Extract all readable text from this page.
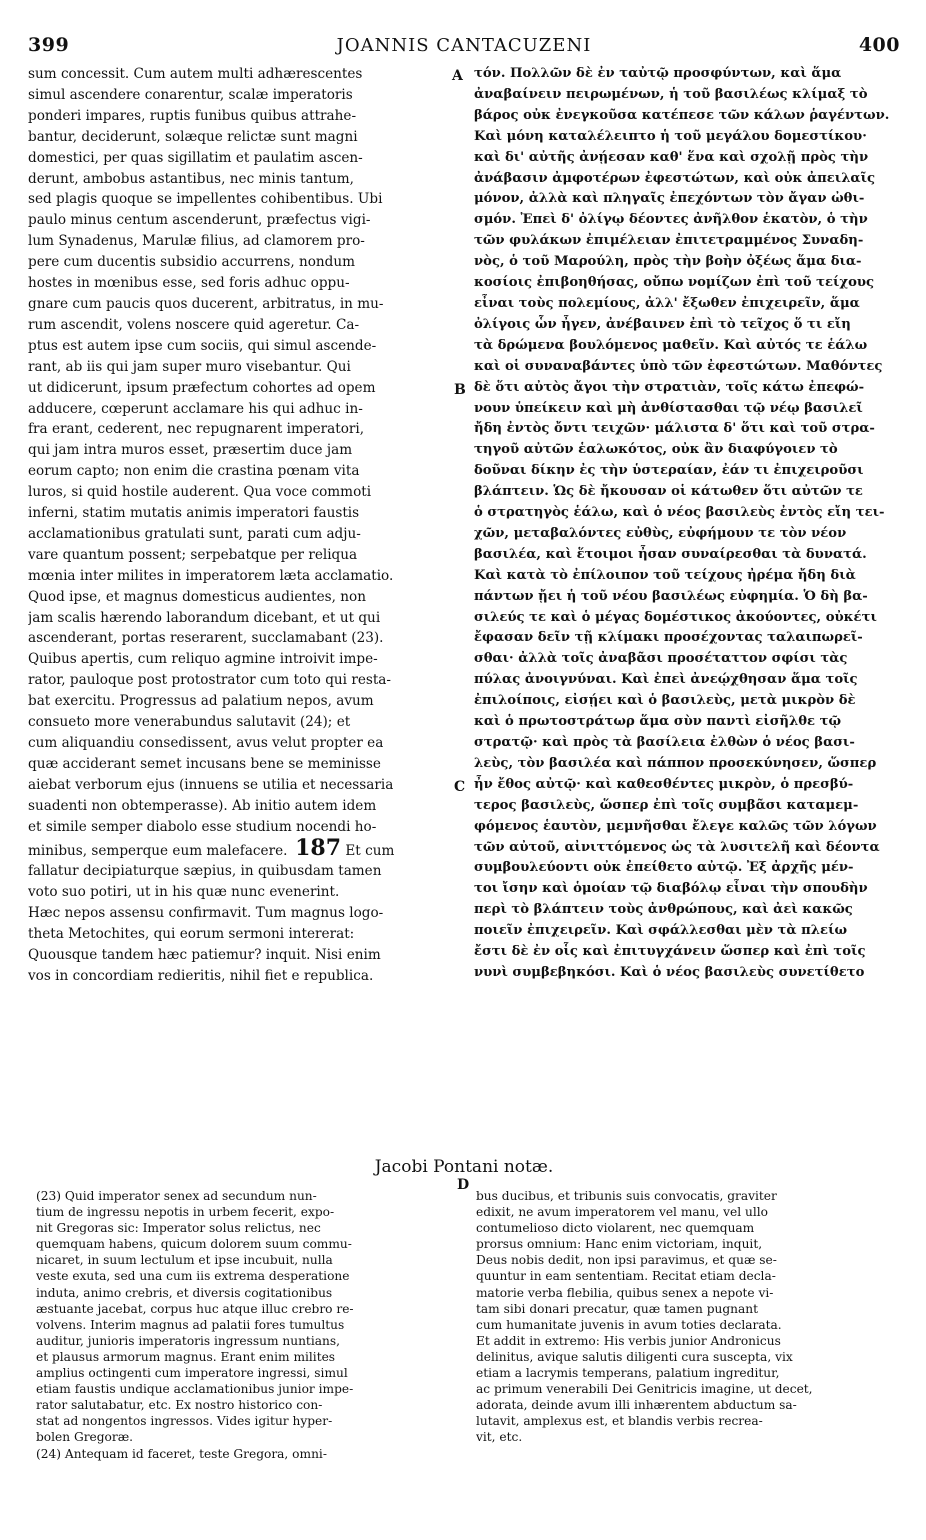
399	JOANNIS CANTACUZENI	400
sum concessit. Cum autem multi adhærescentes
simul ascendere conarentur, scalæ imperatoris
ponderi impares, ruptis funibus quibus attrahe-
bantur, deciderunt, solæque relictæ sunt magni
domestici, per quas sigillatim et paulatim ascen-
derunt, ambobus astantibus, nec minis tantum,
sed plagis quoque se impellentes cohibentibus. Ubi
paulo minus centum ascenderunt, præfectus vigi-
lum Synadenus, Marulæ filius, ad clamorem pro-
pere cum ducentis subsidio accurrens, nondum
hostes in mœnibus esse, sed foris adhuc oppu-
gnare cum paucis quos ducerent, arbitratus, in mu-
rum ascendit, volens noscere quid ageretur. Ca-
ptus est autem ipse cum sociis, qui simul ascende-
rant, ab iis qui jam super muro visebantur. Qui
ut didicerunt, ipsum præfectum cohortes ad opem
adducere, cœperunt acclamare his qui adhuc in-
fra erant, cederent, nec repugnarent imperatori,
qui jam intra muros esset, præsertim duce jam
eorum capto; non enim die crastina pœnam vita
luros, si quid hostile auderent. Qua voce commoti
inferni, statim mutatis animis imperatori faustis
acclamationibus gratulati sunt, parati cum adju-
vare quantum possent; serpebatque per reliqua
mœnia inter milites in imperatorem læta acclamatio.
Quod ipse, et magnus domesticus audientes, non
jam scalis hærendo laborandum dicebant, et ut qui
ascenderant, portas reserarent, succlamabant (23).
Quibus apertis, cum reliquo agmine introivit impe-
rator, pauloque post protostrator cum toto qui resta-
bat exercitu. Progressus ad palatium nepos, avum
consueto more venerabundus salutavit (24); et
cum aliquandiu consedissent, avus velut propter ea
quæ acciderant semet incusans bene se meminisse
aiebat verborum ejus (innuens se utilia et necessaria
suadenti non obtemperasse). Ab initio autem idem
et simile semper diabolo esse studium nocendi ho-
minibus, semperque eum malefacere. 187 Et cum
fallatur decipiaturque sæpius, in quibusdam tamen
voto suo potiri, ut in his quæ nunc evenerint.
Hæc nepos assensu confirmavit. Tum magnus logo-
theta Metochites, qui eorum sermoni intererat:
Quousque tandem hæc patiemur? inquit. Nisi enim
vos in concordiam redieritis, nihil fiet e republica.
τόν. Πολλῶν δὲ ἐν ταὐτῷ προσφύντων, καὶ ἅμα
ἀναβαίνειν πειρωμένων, ἡ τοῦ βασιλέως κλίμαξ τὸ
βάρος οὐκ ἐνεγκοῦσα κατέπεσε τῶν κάλων ῥαγέντων.
Καὶ μόνη καταλέλειπτο ἡ τοῦ μεγάλου δομεστίκου·
καὶ δι' αὐτῆς ἀνῄεσαν καθ' ἕνα καὶ σχολῇ πρὸς τὴν
ἀνάβασιν ἀμφοτέρων ἐφεστώτων, καὶ οὐκ ἀπειλαῖς
μόνον, ἀλλὰ καὶ πληγαῖς ἐπεχόντων τὸν ἄγαν ὠθι-
σμόν. Ἐπεὶ δ' ὀλίγῳ δέοντες ἀνῆλθον ἑκατὸν, ὁ τὴν
τῶν φυλάκων ἐπιμέλειαν ἐπιτετραμμένος Συναδη-
νὸς, ὁ τοῦ Μαρούλη, πρὸς τὴν βοὴν ὀξέως ἅμα δια-
κοσίοις ἐπιβοηθήσας, οὔπω νομίζων ἐπὶ τοῦ τείχους
εἶναι τοὺς πολεμίους, ἀλλ' ἔξωθεν ἐπιχειρεῖν, ἅμα
ὀλίγοις ὧν ἦγεν, ἀνέβαινεν ἐπὶ τὸ τεῖχος ὅ τι εἴη
τὰ δρώμενα βουλόμενος μαθεῖν. Καὶ αὐτός τε ἑάλω
καὶ οἱ συναναβάντες ὑπὸ τῶν ἐφεστώτων. Μαθόντες
δὲ ὅτι αὐτὸς ἄγοι τὴν στρατιὰν, τοῖς κάτω ἐπεφώ-
νουν ὑπείκειν καὶ μὴ ἀνθίστασθαι τῷ νέῳ βασιλεῖ
ἤδη ἐντὸς ὄντι τειχῶν· μάλιστα δ' ὅτι καὶ τοῦ στρα-
τηγοῦ αὐτῶν ἑαλωκότος, οὐκ ἂν διαφύγοιεν τὸ
δοῦναι δίκην ἐς τὴν ὑστεραίαν, ἐάν τι ἐπιχειροῦσι
βλάπτειν. Ὡς δὲ ἤκουσαν οἱ κάτωθεν ὅτι αὐτῶν τε
ὁ στρατηγὸς ἑάλω, καὶ ὁ νέος βασιλεὺς ἐντὸς εἴη τει-
χῶν, μεταβαλόντες εὐθὺς, εὐφήμουν τε τὸν νέον
βασιλέα, καὶ ἕτοιμοι ἦσαν συναίρεσθαι τὰ δυνατά.
Καὶ κατὰ τὸ ἐπίλοιπον τοῦ τείχους ἠρέμα ἤδη διὰ
πάντων ᾔει ἡ τοῦ νέου βασιλέως εὐφημία. Ὁ δὴ βα-
σιλεύς τε καὶ ὁ μέγας δομέστικος ἀκούοντες, οὐκέτι
ἔφασαν δεῖν τῇ κλίμακι προσέχοντας ταλαιπωρεῖ-
σθαι· ἀλλὰ τοῖς ἀναβᾶσι προσέταττον σφίσι τὰς
πύλας ἀνοιγνύναι. Καὶ ἐπεὶ ἀνεῴχθησαν ἅμα τοῖς
ἐπιλοίποις, εἰσῄει καὶ ὁ βασιλεὺς, μετὰ μικρὸν δὲ
καὶ ὁ πρωτοστράτωρ ἅμα σὺν παντὶ εἰσῆλθε τῷ
στρατῷ· καὶ πρὸς τὰ βασίλεια ἐλθὼν ὁ νέος βασι-
λεὺς, τὸν βασιλέα καὶ πάππον προσεκύνησεν, ὥσπερ
ἦν ἔθος αὐτῷ· καὶ καθεσθέντες μικρὸν, ὁ πρεσβύ-
τερος βασιλεὺς, ὥσπερ ἐπὶ τοῖς συμβᾶσι καταμεμ-
φόμενος ἑαυτὸν, μεμνῆσθαι ἔλεγε καλῶς τῶν λόγων
τῶν αὐτοῦ, αἰνιττόμενος ὡς τὰ λυσιτελῆ καὶ δέοντα
συμβουλεύοντι οὐκ ἐπείθετο αὐτῷ. Ἐξ ἀρχῆς μέν-
τοι ἴσην καὶ ὁμοίαν τῷ διαβόλῳ εἶναι τὴν σπουδὴν
περὶ τὸ βλάπτειν τοὺς ἀνθρώπους, καὶ ἀεὶ κακῶς
ποιεῖν ἐπιχειρεῖν. Καὶ σφάλλεσθαι μὲν τὰ πλείω
ἔστι δὲ ἐν οἷς καὶ ἐπιτυγχάνειν ὥσπερ καὶ ἐπὶ τοῖς
νυνὶ συμβεβηκόσι. Καὶ ὁ νέος βασιλεὺς συνετίθετο
A
B
C
D
Jacobi Pontani notæ.
(23) Quid imperator senex ad secundum nun-
tium de ingressu nepotis in urbem fecerit, expo-
nit Gregoras sic: Imperator solus relictus, nec
quemquam habens, quicum dolorem suum commu-
nicaret, in suum lectulum et ipse incubuit, nulla
veste exuta, sed una cum iis extrema desperatione
induta, animo crebris, et diversis cogitationibus
æstuante jacebat, corpus huc atque illuc crebro re-
volvens. Interim magnus ad palatii fores tumultus
auditur, junioris imperatoris ingressum nuntians,
et plausus armorum magnus. Erant enim milites
amplius octingenti cum imperatore ingressi, simul
etiam faustis undique acclamationibus junior impe-
rator salutabatur, etc. Ex nostro historico con-
stat ad nongentos ingressos. Vides igitur hyper-
bolen Gregoræ.
(24) Antequam id faceret, teste Gregora, omni-
bus ducibus, et tribunis suis convocatis, graviter
edixit, ne avum imperatorem vel manu, vel ullo
contumelioso dicto violarent, nec quemquam
prorsus omnium: Hanc enim victoriam, inquit,
Deus nobis dedit, non ipsi paravimus, et quæ se-
quuntur in eam sententiam. Recitat etiam decla-
matorie verba flebilia, quibus senex a nepote vi-
tam sibi donari precatur, quæ tamen pugnant
cum humanitate juvenis in avum toties declarata.
Et addit in extremo: His verbis junior Andronicus
delinitus, avique salutis diligenti cura suscepta, vix
etiam a lacrymis temperans, palatium ingreditur,
ac primum venerabili Dei Genitricis imagine, ut decet,
adorata, deinde avum illi inhærentem abductum sa-
lutavit, amplexus est, et blandis verbis recrea-
vit, etc.
